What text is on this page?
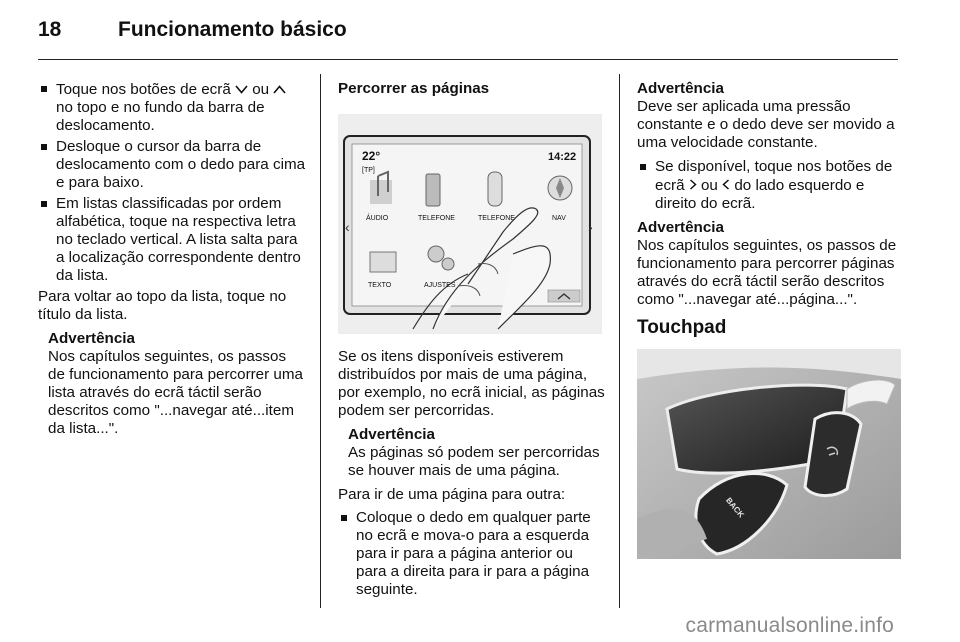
18	Funcionamento básico
Toque nos botões de ecrã  ou  no topo e no fundo da barra de deslocamento.
Desloque o cursor da barra de deslocamento com o dedo para cima e para baixo.
Em listas classificadas por ordem alfabética, toque na respectiva letra no teclado vertical. A lista salta para a localização correspondente dentro da lista.

Para voltar ao topo da lista, toque no título da lista.

Advertência
Nos capítulos seguintes, os passos de funcionamento para percorrer uma lista através do ecrã táctil serão descritos como "...navegar até...item da lista...".
Percorrer as páginas
‹	›
22°
[TP]
14:22
ÁUDIO	TELEFONE	TELEFONE	NAV
TEXTO	AJUSTES

Se os itens disponíveis estiverem distribuídos por mais de uma página, por exemplo, no ecrã inicial, as páginas podem ser percorridas.

Advertência
As páginas só podem ser percorridas se houver mais de uma página.

Para ir de uma página para outra:

Coloque o dedo em qualquer parte no ecrã e mova-o para a esquerda para ir para a página anterior ou para a direita para ir para a página seguinte.
Advertência
Deve ser aplicada uma pressão constante e o dedo deve ser movido a uma velocidade constante.
Se disponível, toque nos botões de ecrã  ou  do lado esquerdo e direito do ecrã.
Advertência
Nos capítulos seguintes, os passos de funcionamento para percorrer páginas através do ecrã táctil serão descritos como "...navegar até...página...".
Touchpad
BACK
carmanualsonline.info
